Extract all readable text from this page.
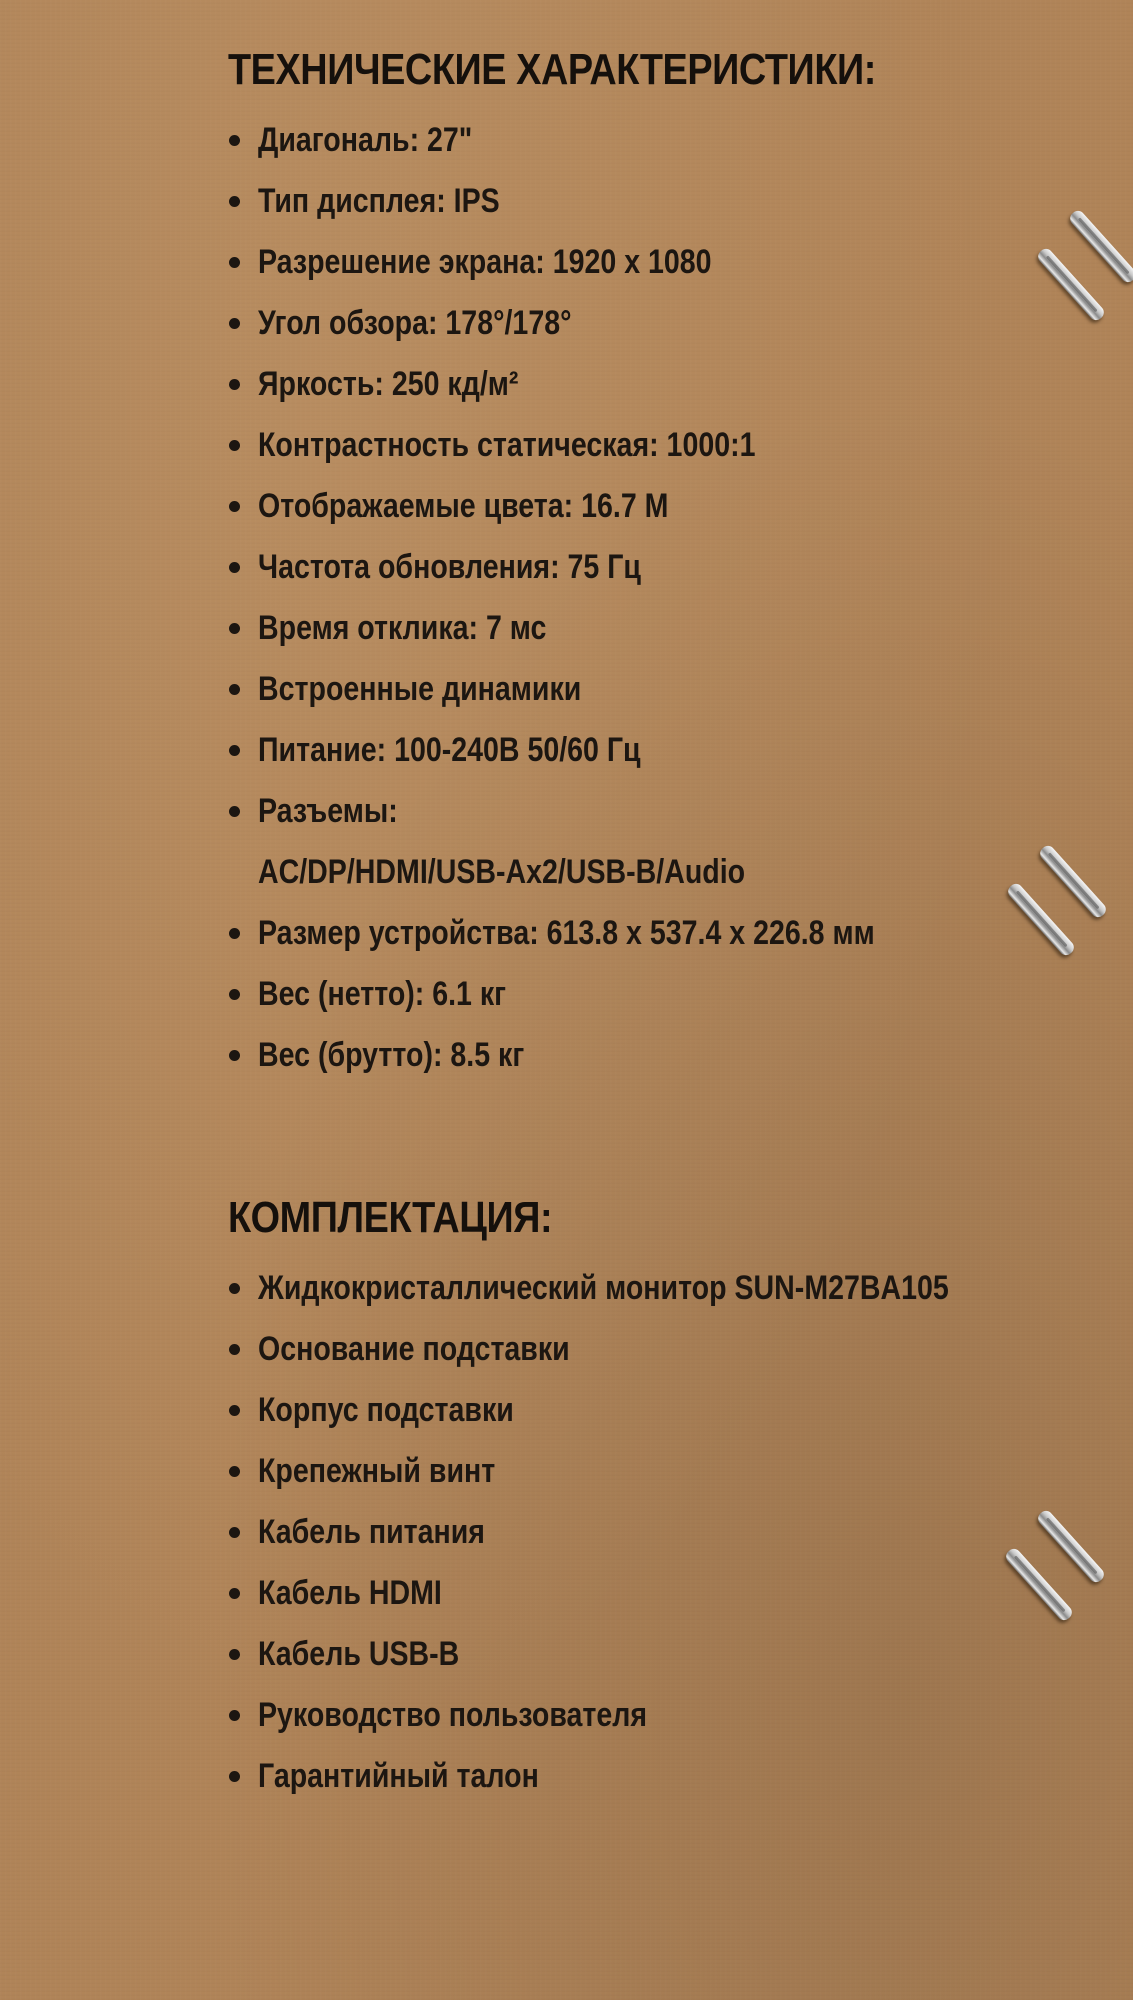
ТЕХНИЧЕСКИЕ ХАРАКТЕРИСТИКИ:
Диагональ: 27"
Тип дисплея: IPS
Разрешение экрана: 1920 x 1080
Угол обзора: 178°/178°
Яркость: 250 кд/м²
Контрастность статическая: 1000:1
Отображаемые цвета: 16.7 М
Частота обновления: 75 Гц
Время отклика: 7 мс
Встроенные динамики
Питание: 100-240В 50/60 Гц
Разъемы:
AC/DP/HDMI/USB-Ax2/USB-B/Audio
Размер устройства: 613.8 x 537.4 x 226.8 мм
Вес (нетто): 6.1 кг
Вес (брутто): 8.5 кг
КОМПЛЕКТАЦИЯ:
Жидкокристаллический монитор SUN-M27BA105
Основание подставки
Корпус подставки
Крепежный винт
Кабель питания
Кабель HDMI
Кабель USB-B
Руководство пользователя
Гарантийный талон
